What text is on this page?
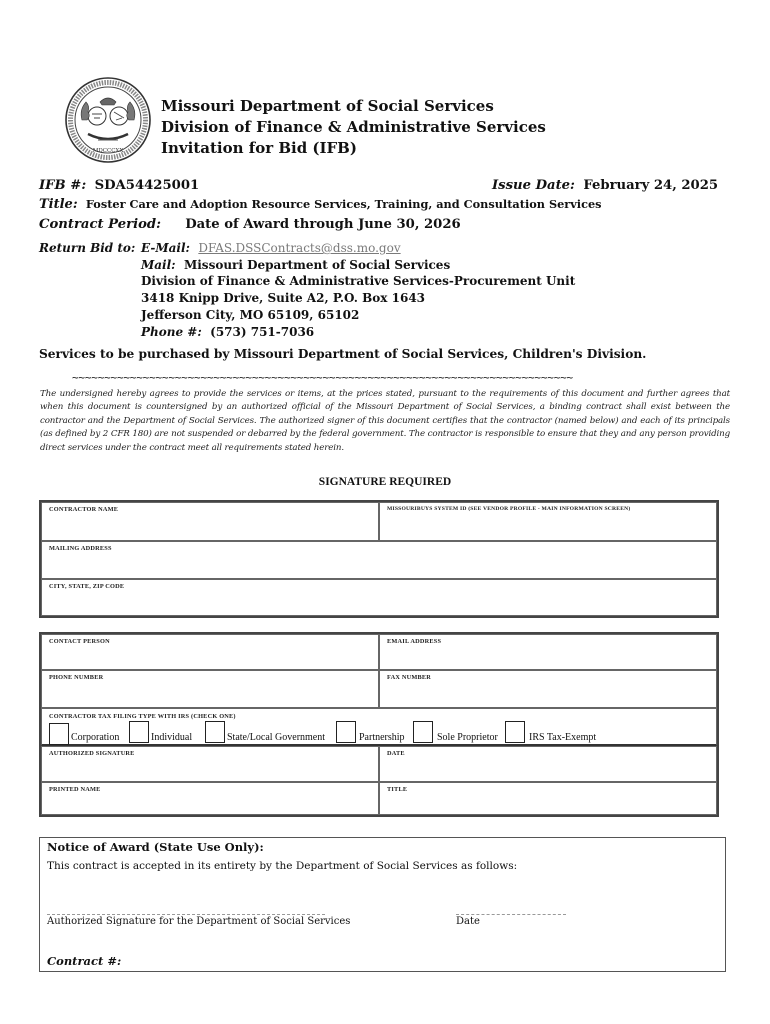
MDCCCXX
Missouri Department of Social Services
Division of Finance & Administrative Services
Invitation for Bid (IFB)
IFB #: SDA54425001	Issue Date: February 24, 2025
Title: Foster Care and Adoption Resource Services, Training, and Consultation Services
Contract Period: Date of Award through June 30, 2026
Return Bid to: E-Mail: DFAS.DSSContracts@dss.mo.gov
Mail: Missouri Department of Social Services
Division of Finance & Administrative Services-Procurement Unit
3418 Knipp Drive, Suite A2, P.O. Box 1643
Jefferson City, MO 65109, 65102
Phone #: (573) 751-7036
Services to be purchased by Missouri Department of Social Services, Children's Division.
~~~~~~~~~~~~~~~~~~~~~~~~~~~~~~~~~~~~~~~~~~~~~~~~~~~~~~~~~~~~~~~~~~~~~~~~~~~~~~
The undersigned hereby agrees to provide the services or items, at the prices stated, pursuant to the requirements of this document and further agrees that when this document is countersigned by an authorized official of the Missouri Department of Social Services, a binding contract shall exist between the contractor and the Department of Social Services. The authorized signer of this document certifies that the contractor (named below) and each of its principals (as defined by 2 CFR 180) are not suspended or debarred by the federal government. The contractor is responsible to ensure that they and any person providing direct services under the contract meet all requirements stated herein.
SIGNATURE REQUIRED
CONTRACTOR NAME	MISSOURIBUYS SYSTEM ID (SEE VENDOR PROFILE - MAIN INFORMATION SCREEN)
MAILING ADDRESS
CITY, STATE, ZIP CODE
CONTACT PERSON	EMAIL ADDRESS
PHONE NUMBER	FAX NUMBER
CONTRACTOR TAX FILING TYPE WITH IRS (CHECK ONE)
Corporation	Individual	State/Local Government	Partnership	Sole Proprietor	IRS Tax-Exempt
AUTHORIZED SIGNATURE	DATE
PRINTED NAME	TITLE
Notice of Award (State Use Only):
This contract is accepted in its entirety by the Department of Social Services as follows:
Authorized Signature for the Department of Social Services	Date
Contract #:
